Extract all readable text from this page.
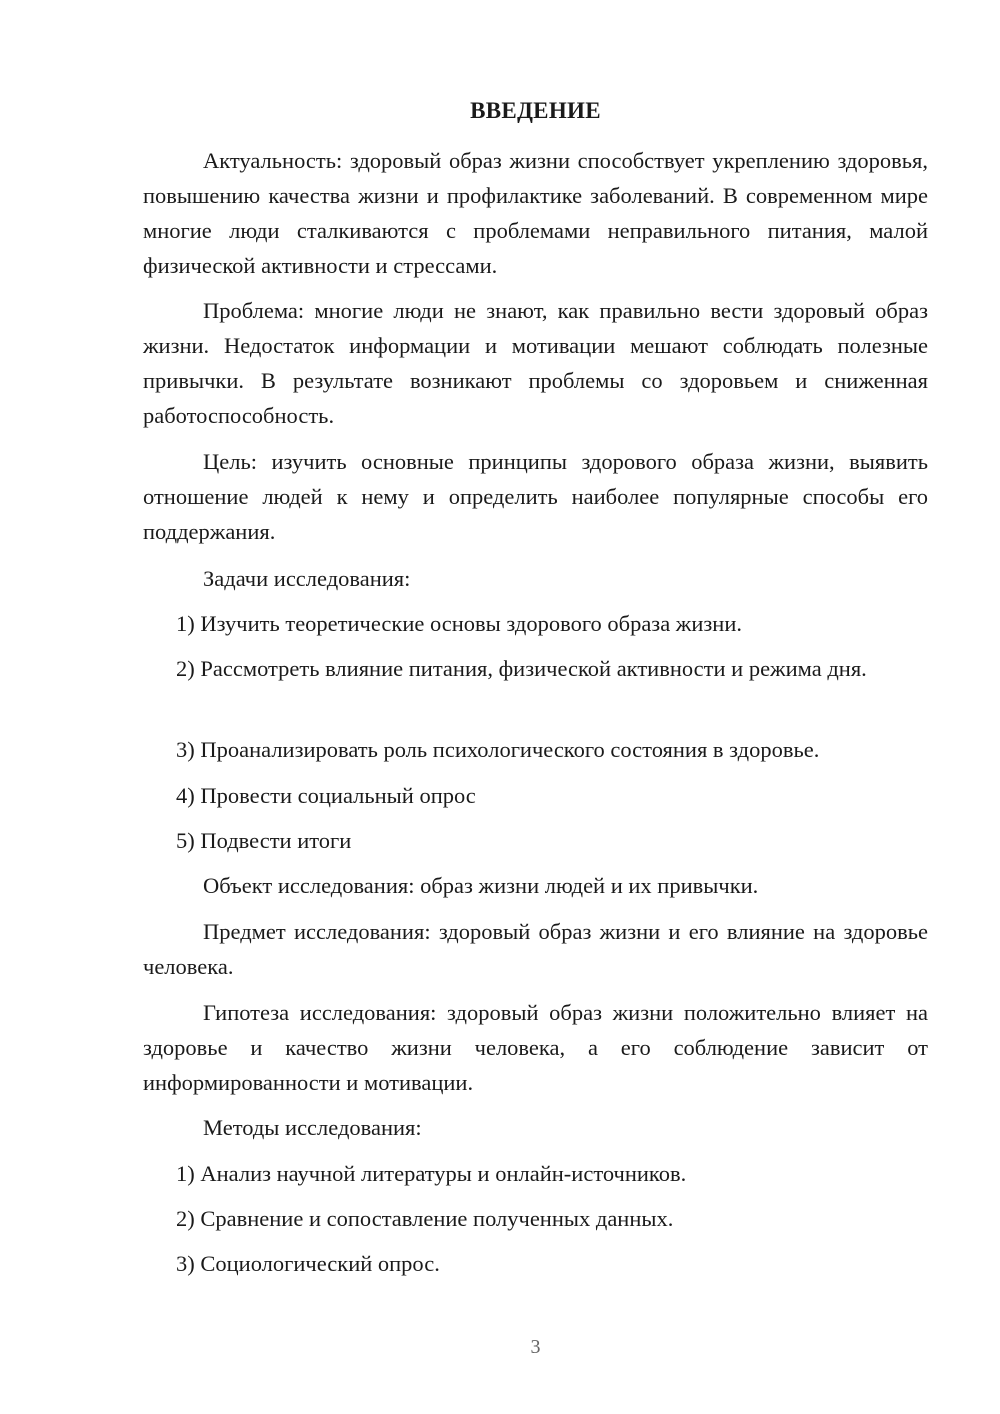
ВВЕДЕНИЕ

Актуальность: здоровый образ жизни способствует укреплению здоровья, повышению качества жизни и профилактике заболеваний. В современном мире многие люди сталкиваются с проблемами неправильного питания, малой физической активности и стрессами.

Проблема: многие люди не знают, как правильно вести здоровый образ жизни. Недостаток информации и мотивации мешают соблюдать полезные привычки. В результате возникают проблемы со здоровьем и сниженная работоспособность.

Цель: изучить основные принципы здорового образа жизни, выявить отношение людей к нему и определить наиболее популярные способы его поддержания.

Задачи исследования:

1) Изучить теоретические основы здорового образа жизни.

2) Рассмотреть влияние питания, физической активности и режима дня.

3) Проанализировать роль психологического состояния в здоровье.

4) Провести социальный опрос

5) Подвести итоги

Объект исследования: образ жизни людей и их привычки.

Предмет исследования: здоровый образ жизни и его влияние на здоровье человека.

Гипотеза исследования: здоровый образ жизни положительно влияет на здоровье и качество жизни человека, а его соблюдение зависит от информированности и мотивации.

Методы исследования:

1) Анализ научной литературы и онлайн-источников.

2) Сравнение и сопоставление полученных данных.

3) Социологический опрос.

3
